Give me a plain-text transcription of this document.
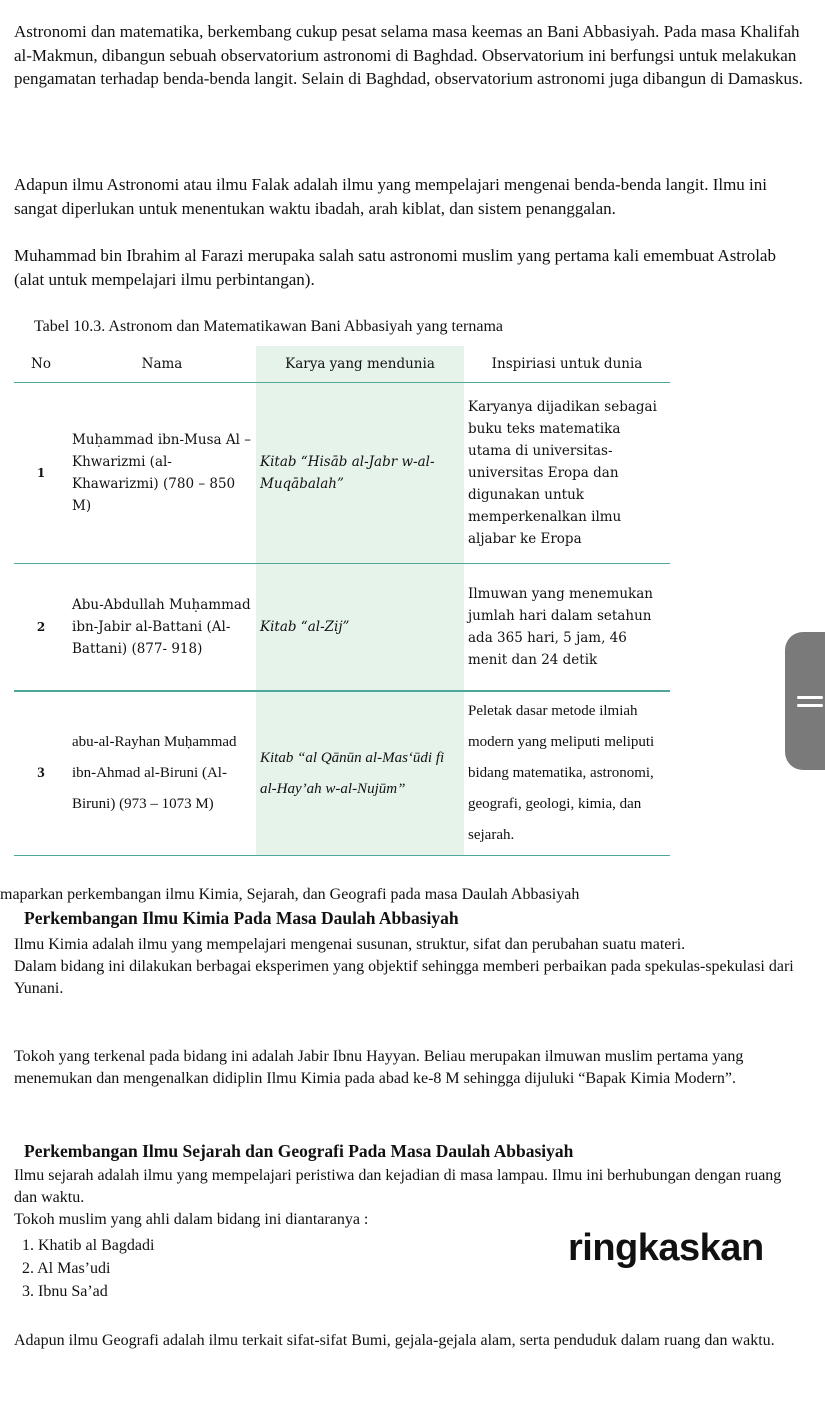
Astronomi dan matematika, berkembang cukup pesat selama masa keemas an Bani Abbasiyah. Pada masa Khalifah al-Makmun, dibangun sebuah observatorium astronomi di Baghdad. Observatorium ini berfungsi untuk melakukan pengamatan terhadap benda-benda langit. Selain di Baghdad, observatorium astronomi juga dibangun di Damaskus.

Adapun ilmu Astronomi atau ilmu Falak adalah ilmu yang mempelajari mengenai benda-benda langit. Ilmu ini sangat diperlukan untuk menentukan waktu ibadah, arah kiblat, dan sistem penanggalan.

Muhammad bin Ibrahim al Farazi merupaka salah satu astronomi muslim yang pertama kali emembuat Astrolab (alat untuk mempelajari ilmu perbintangan).

Tabel 10.3. Astronom dan Matematikawan Bani Abbasiyah yang ternama
No	Nama	Karya yang mendunia	Inspiriasi untuk dunia
1	Muḥammad ibn-Musa Al – Khwarizmi (al-Khawarizmi) (780 – 850 M)	Kitab “Hisāb al-Jabr w-al-Muqābalah”	Karyanya dijadikan sebagai buku teks matematika utama di universitas-universitas Eropa dan digunakan untuk memperkenalkan ilmu aljabar ke Eropa
2	Abu-Abdullah Muḥammad ibn-Jabir al-Battani (Al-Battani) (877- 918)	Kitab “al-Zij”	Ilmuwan yang menemukan jumlah hari dalam setahun ada 365 hari, 5 jam, 46 menit dan 24 detik
3	abu-al-Rayhan Muḥammad ibn-Ahmad al-Biruni (Al-Biruni) (973 – 1073 M)	Kitab “al Qānūn al-Mas‘ūdi fi al-Hay’ah w-al-Nujūm”	Peletak dasar metode ilmiah modern yang meliputi meliputi bidang matematika, astronomi, geografi, geologi, kimia, dan sejarah.
maparkan perkembangan ilmu Kimia, Sejarah, dan Geografi pada masa Daulah Abbasiyah
Perkembangan Ilmu Kimia Pada Masa Daulah Abbasiyah

Ilmu Kimia adalah ilmu yang mempelajari mengenai susunan, struktur, sifat dan perubahan suatu materi.

Dalam bidang ini dilakukan berbagai eksperimen yang objektif sehingga memberi perbaikan pada spekulas-spekulasi dari Yunani.

Tokoh yang terkenal pada bidang ini adalah Jabir Ibnu Hayyan. Beliau merupakan ilmuwan muslim pertama yang menemukan dan mengenalkan didiplin Ilmu Kimia pada abad ke-8 M sehingga dijuluki “Bapak Kimia Modern”.

Perkembangan Ilmu Sejarah dan Geografi Pada Masa Daulah Abbasiyah

Ilmu sejarah adalah ilmu yang mempelajari peristiwa dan kejadian di masa lampau. Ilmu ini berhubungan dengan ruang dan waktu.

Tokoh muslim yang ahli dalam bidang ini diantaranya :

1. Khatib al Bagdadi
2. Al Mas’udi
3. Ibnu Sa’ad
ringkaskan

Adapun ilmu Geografi adalah ilmu terkait sifat-sifat Bumi, gejala-gejala alam, serta penduduk dalam ruang dan waktu.
